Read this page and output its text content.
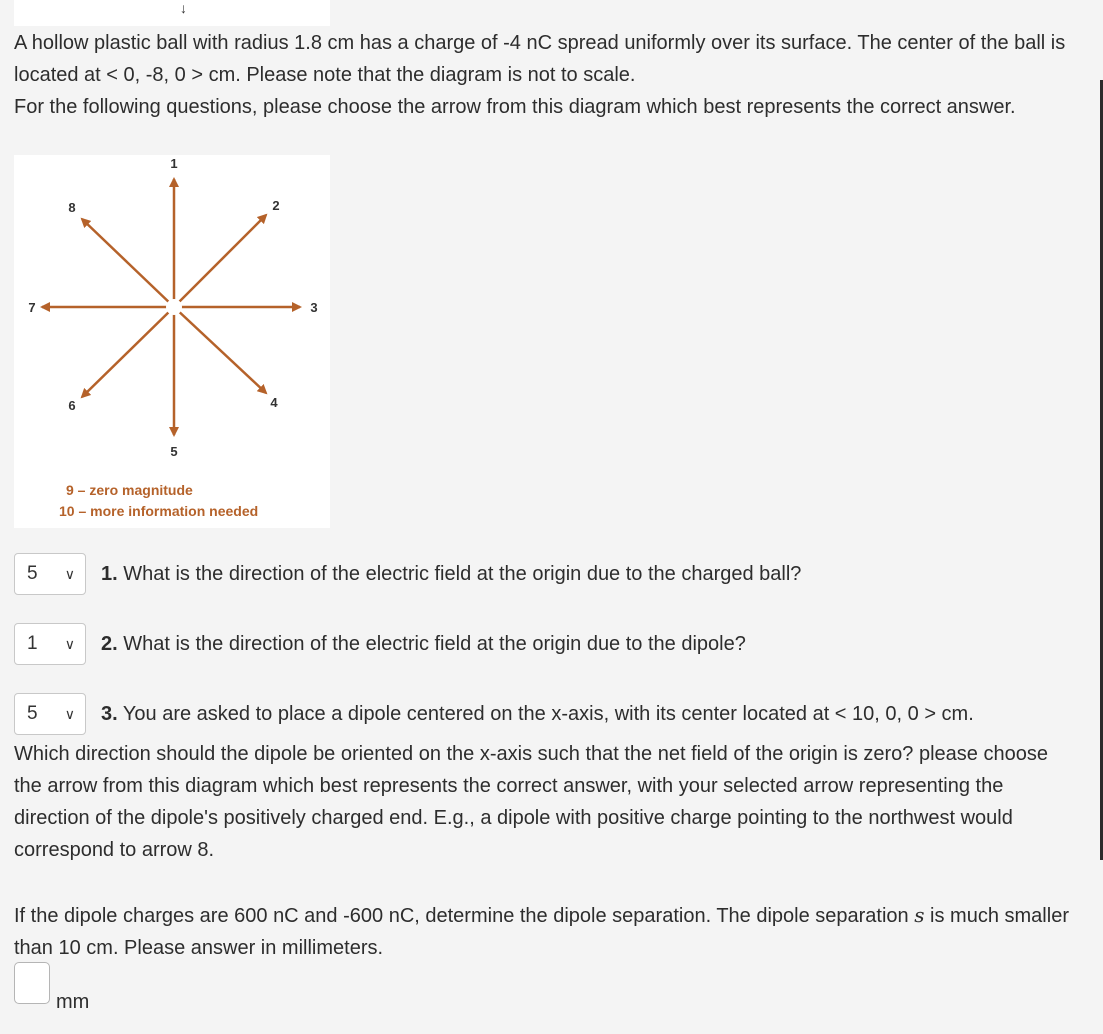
↓

A hollow plastic ball with radius 1.8 cm has a charge of -4 nC spread uniformly over its surface. The center of the ball is located at < 0, -8, 0 > cm. Please note that the diagram is not to scale.

For the following questions, please choose the arrow from this diagram which best represents the correct answer.

1
2
3
4
5
6
7
8
9 – zero magnitude
10 – more information needed
5 ∨ 1. What is the direction of the electric field at the origin due to the charged ball?
1 ∨ 2. What is the direction of the electric field at the origin due to the dipole?
5 ∨ 3. You are asked to place a dipole centered on the x-axis, with its center located at < 10, 0, 0 > cm.

Which direction should the dipole be oriented on the x-axis such that the net field of the origin is zero? please choose the arrow from this diagram which best represents the correct answer, with your selected arrow representing the direction of the dipole's positively charged end. E.g., a dipole with positive charge pointing to the northwest would correspond to arrow 8.

If the dipole charges are 600 nC and -600 nC, determine the dipole separation. The dipole separation s is much smaller than 10 cm. Please answer in millimeters.

mm
